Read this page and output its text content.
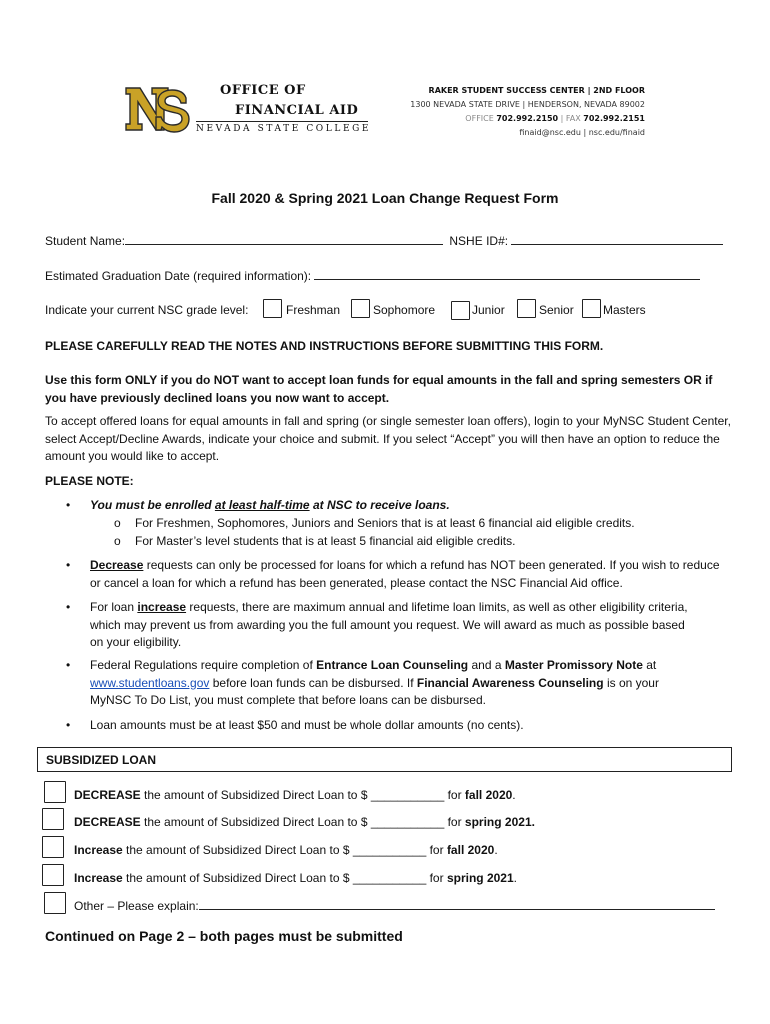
OFFICE OF
FINANCIAL AID
NEVADA STATE COLLEGE
RAKER STUDENT SUCCESS CENTER | 2ND FLOOR
1300 NEVADA STATE DRIVE | HENDERSON, NEVADA 89002
OFFICE 702.992.2150 | FAX 702.992.2151
finaid@nsc.edu | nsc.edu/finaid
Fall 2020 & Spring 2021 Loan Change Request Form
Student Name:	NSHE ID#:
Estimated Graduation Date (required information):
Indicate your current NSC grade level:	Freshman	Sophomore	Junior	Senior Masters
PLEASE CAREFULLY READ THE NOTES AND INSTRUCTIONS BEFORE SUBMITTING THIS FORM.
Use this form ONLY if you do NOT want to accept loan funds for equal amounts in the fall and spring semesters OR if you have previously declined loans you now want to accept.
To accept offered loans for equal amounts in fall and spring (or single semester loan offers), login to your MyNSC Student Center, select Accept/Decline Awards, indicate your choice and submit. If you select “Accept” you will then have an option to reduce the amount you would like to accept.
PLEASE NOTE:
• You must be enrolled at least half-time at NSC to receive loans.
o For Freshmen, Sophomores, Juniors and Seniors that is at least 6 financial aid eligible credits.
o For Master’s level students that is at least 5 financial aid eligible credits.
• Decrease requests can only be processed for loans for which a refund has NOT been generated. If you wish to reduce or cancel a loan for which a refund has been generated, please contact the NSC Financial Aid office.
• For loan increase requests, there are maximum annual and lifetime loan limits, as well as other eligibility criteria, which may prevent us from awarding you the full amount you request. We will award as much as possible based on your eligibility.
• Federal Regulations require completion of Entrance Loan Counseling and a Master Promissory Note at www.studentloans.gov before loan funds can be disbursed. If Financial Awareness Counseling is on your MyNSC To Do List, you must complete that before loans can be disbursed.
• Loan amounts must be at least $50 and must be whole dollar amounts (no cents).
SUBSIDIZED LOAN
DECREASE the amount of Subsidized Direct Loan to $ ___________ for fall 2020.
DECREASE the amount of Subsidized Direct Loan to $ ___________ for spring 2021.
Increase the amount of Subsidized Direct Loan to $ ___________ for fall 2020.
Increase the amount of Subsidized Direct Loan to $ ___________ for spring 2021.
Other – Please explain:
Continued on Page 2 – both pages must be submitted
